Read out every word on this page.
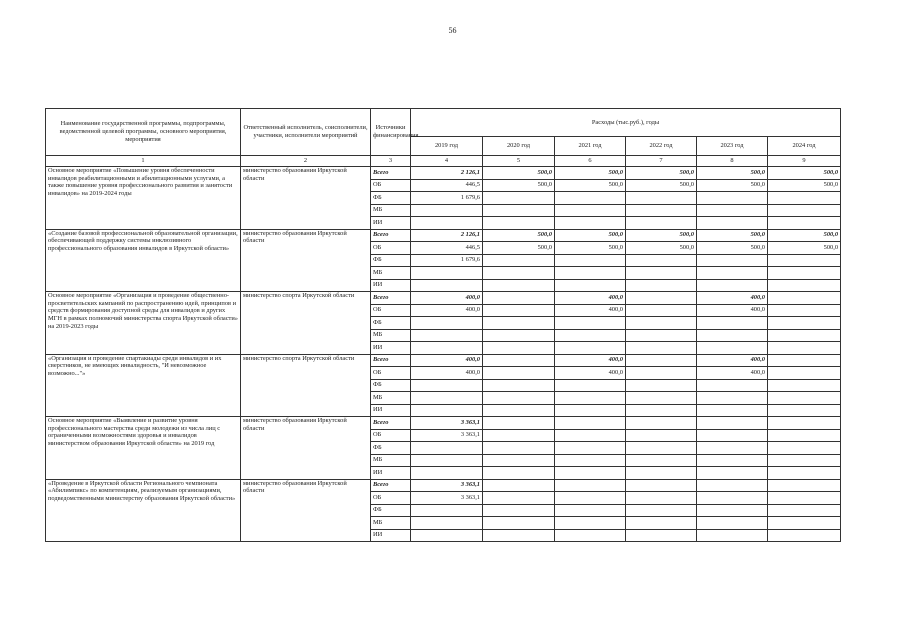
56
Наименование государственной программы, подпрограммы, ведомственной целевой программы, основного мероприятия, мероприятия	Ответственный исполнитель, соисполнители, участники, исполнители мероприятий	Источники финансирования	Расходы (тыс.руб.), годы					
			2019 год	2020 год	2021 год	2022 год	2023 год	2024 год
1	2	3	4	5	6	7	8	9
Основное мероприятие «Повышение уровня обеспеченности инвалидов реабилитационными и абилитационными услугами, а также повышение уровня профессионального развития и занятости инвалидов» на 2019-2024 годы	министерство образования Иркутской области	Всего	2 126,1	500,0	500,0	500,0	500,0	500,0
		ОБ	446,5	500,0	500,0	500,0	500,0	500,0
		ФБ	1 679,6					
		МБ						
		ИИ						
«Создание базовой профессиональной образовательной организации, обеспечивающей поддержку системы инклюзивного профессионального образования инвалидов в Иркутской области»	министерство образования Иркутской области	Всего	2 126,1	500,0	500,0	500,0	500,0	500,0
		ОБ	446,5	500,0	500,0	500,0	500,0	500,0
		ФБ	1 679,6					
		МБ						
		ИИ						
Основное мероприятие «Организация и проведение общественно-просветительских кампаний по распространению идей, принципов и средств формирования доступной среды для инвалидов и других МГН в рамках полномочий министерства спорта Иркутской области» на 2019-2023 годы	министерство спорта Иркутской области	Всего	400,0		400,0		400,0	
		ОБ	400,0		400,0		400,0	
		ФБ						
		МБ						
		ИИ						
«Организация и проведение спартакиады среди инвалидов и их сверстников, не имеющих инвалидность, "И невозможное возможно..."»	министерство спорта Иркутской области	Всего	400,0		400,0		400,0	
		ОБ	400,0		400,0		400,0	
		ФБ						
		МБ						
		ИИ						
Основное мероприятие «Выявление и развитие уровня профессионального мастерства среди молодежи из числа лиц с ограниченными возможностями здоровья и инвалидов министерством образования Иркутской области» на 2019 год	министерство образования Иркутской области	Всего	3 363,1					
		ОБ	3 363,1					
		ФБ						
		МБ						
		ИИ						
«Проведение в Иркутской области Регионального чемпионата «Абилимпикс» по компетенциям, реализуемым организациями, подведомственными министерству образования Иркутской области»	министерство образования Иркутской области	Всего	3 363,1					
		ОБ	3 363,1					
		ФБ						
		МБ						
		ИИ						
